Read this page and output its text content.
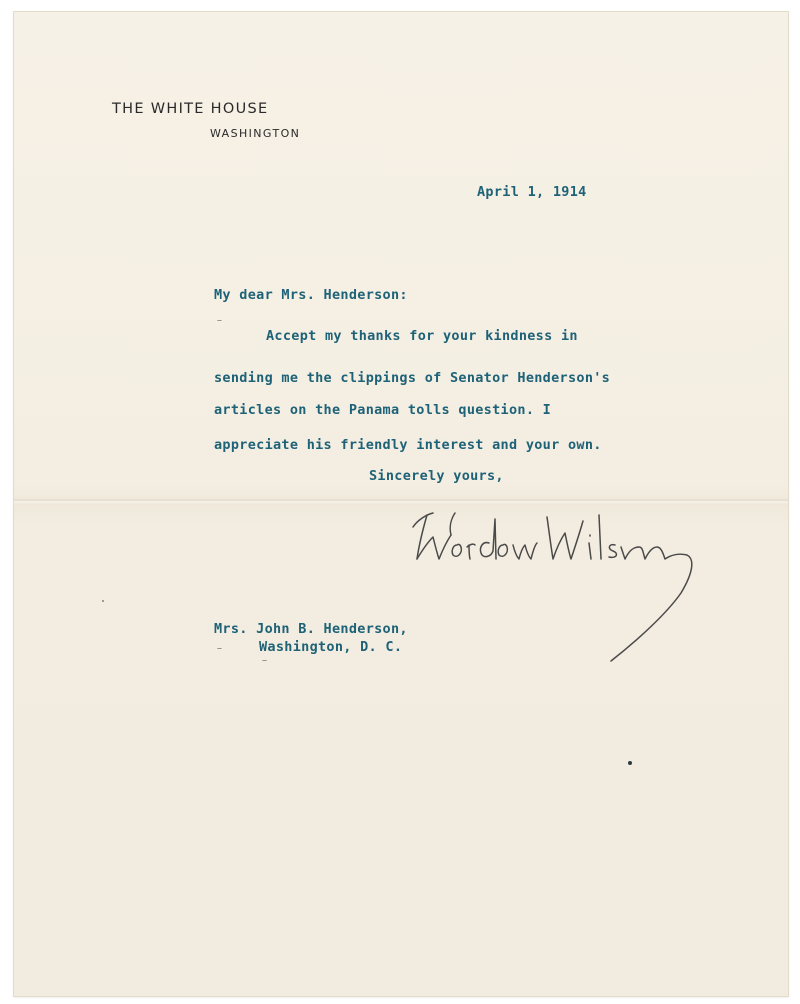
THE WHITE HOUSE
WASHINGTON
April 1, 1914
My dear Mrs. Henderson:
Accept my thanks for your kindness in
sending me the clippings of Senator Henderson's
articles on the Panama tolls question. I
appreciate his friendly interest and your own.
Sincerely yours,
Mrs. John B. Henderson,
Washington, D. C.
